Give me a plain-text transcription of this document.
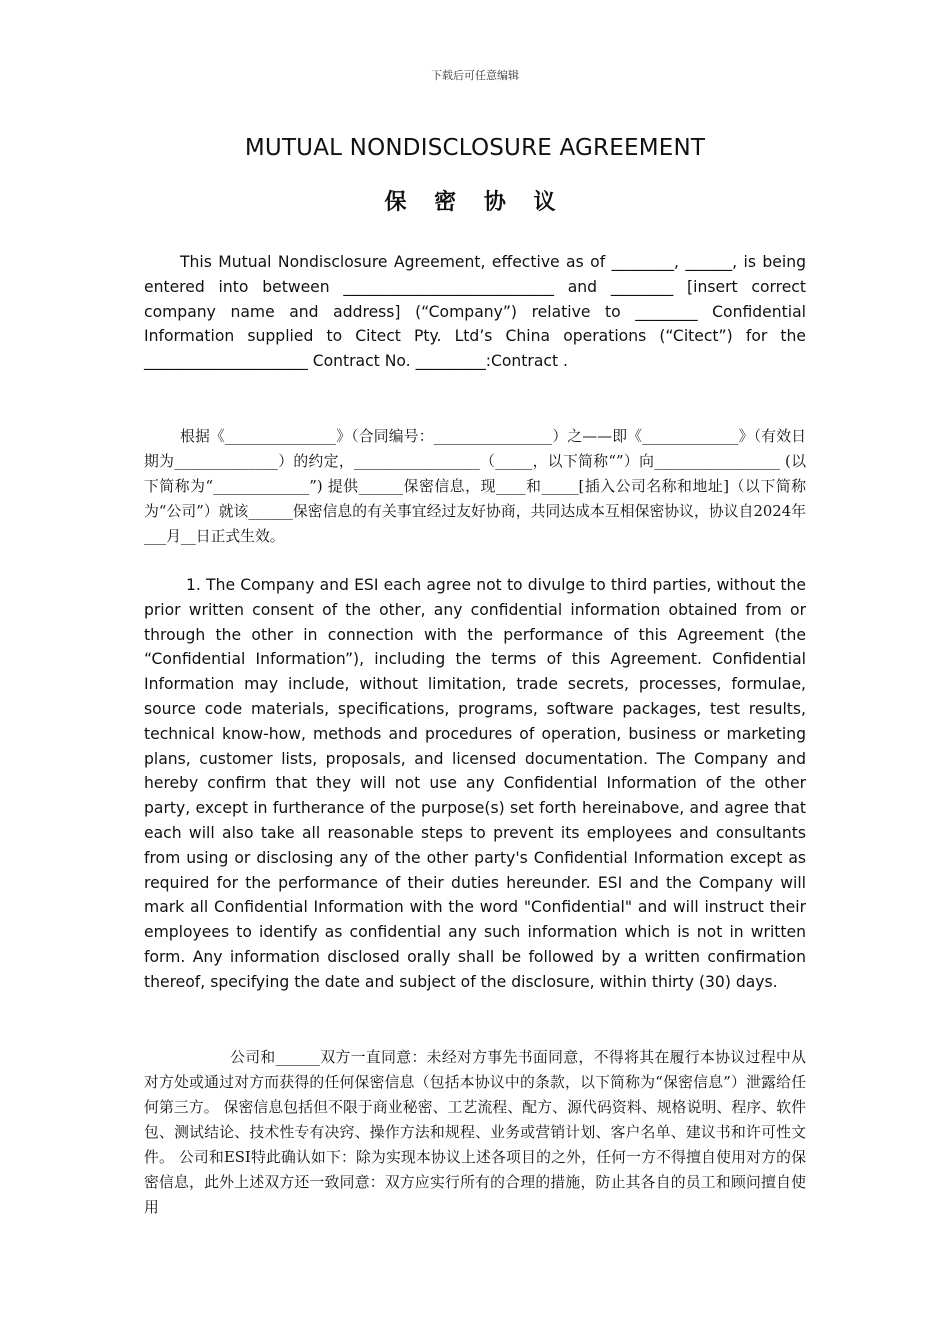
下载后可任意编辑
MUTUAL NONDISCLOSURE AGREEMENT
保 密 协 议

This Mutual Nondisclosure Agreement, effective as of ________, ______, is being entered into between ___________________________ and ________ [insert correct company name and address] (“Company”) relative to ________ Confidential Information supplied to Citect Pty. Ltd’s China operations (“Citect”) for the _____________________ Contract No. _________:Contract .

根据《_______________》（合同编号：________________）之——即《_____________》（有效日期为______________）的约定，_________________（_____，以下简称“”）向_________________ (以下简称为“_____________”) 提供______保密信息，现____和_____[插入公司名称和地址]（以下简称为“公司”）就该______保密信息的有关事宜经过友好协商，共同达成本互相保密协议，协议自2024年___月__日正式生效。

1. The Company and ESI each agree not to divulge to third parties, without the prior written consent of the other, any confidential information obtained from or through the other in connection with the performance of this Agreement (the “Confidential Information”), including the terms of this Agreement. Confidential Information may include, without limitation, trade secrets, processes, formulae, source code materials, specifications, programs, software packages, test results, technical know-how, methods and procedures of operation, business or marketing plans, customer lists, proposals, and licensed documentation. The Company and hereby confirm that they will not use any Confidential Information of the other party, except in furtherance of the purpose(s) set forth hereinabove, and agree that each will also take all reasonable steps to prevent its employees and consultants from using or disclosing any of the other party's Confidential Information except as required for the performance of their duties hereunder. ESI and the Company will mark all Confidential Information with the word "Confidential" and will instruct their employees to identify as confidential any such information which is not in written form. Any information disclosed orally shall be followed by a written confirmation thereof, specifying the date and subject of the disclosure, within thirty (30) days.

公司和______双方一直同意：未经对方事先书面同意，不得将其在履行本协议过程中从 对方处或通过对方而获得的任何保密信息（包括本协议中的条款，以下简称为“保密信息”）泄露给任何第三方。 保密信息包括但不限于商业秘密、工艺流程、配方、源代码资料、规格说明、程序、软件包、测试结论、技术性专有决窍、操作方法和规程、业务或营销计划、客户名单、建议书和许可性文件。 公司和ESI特此确认如下：除为实现本协议上述各项目的之外，任何一方不得擅自使用对方的保密信息，此外上述双方还一致同意：双方应实行所有的合理的措施，防止其各自的员工和顾问擅自使用
